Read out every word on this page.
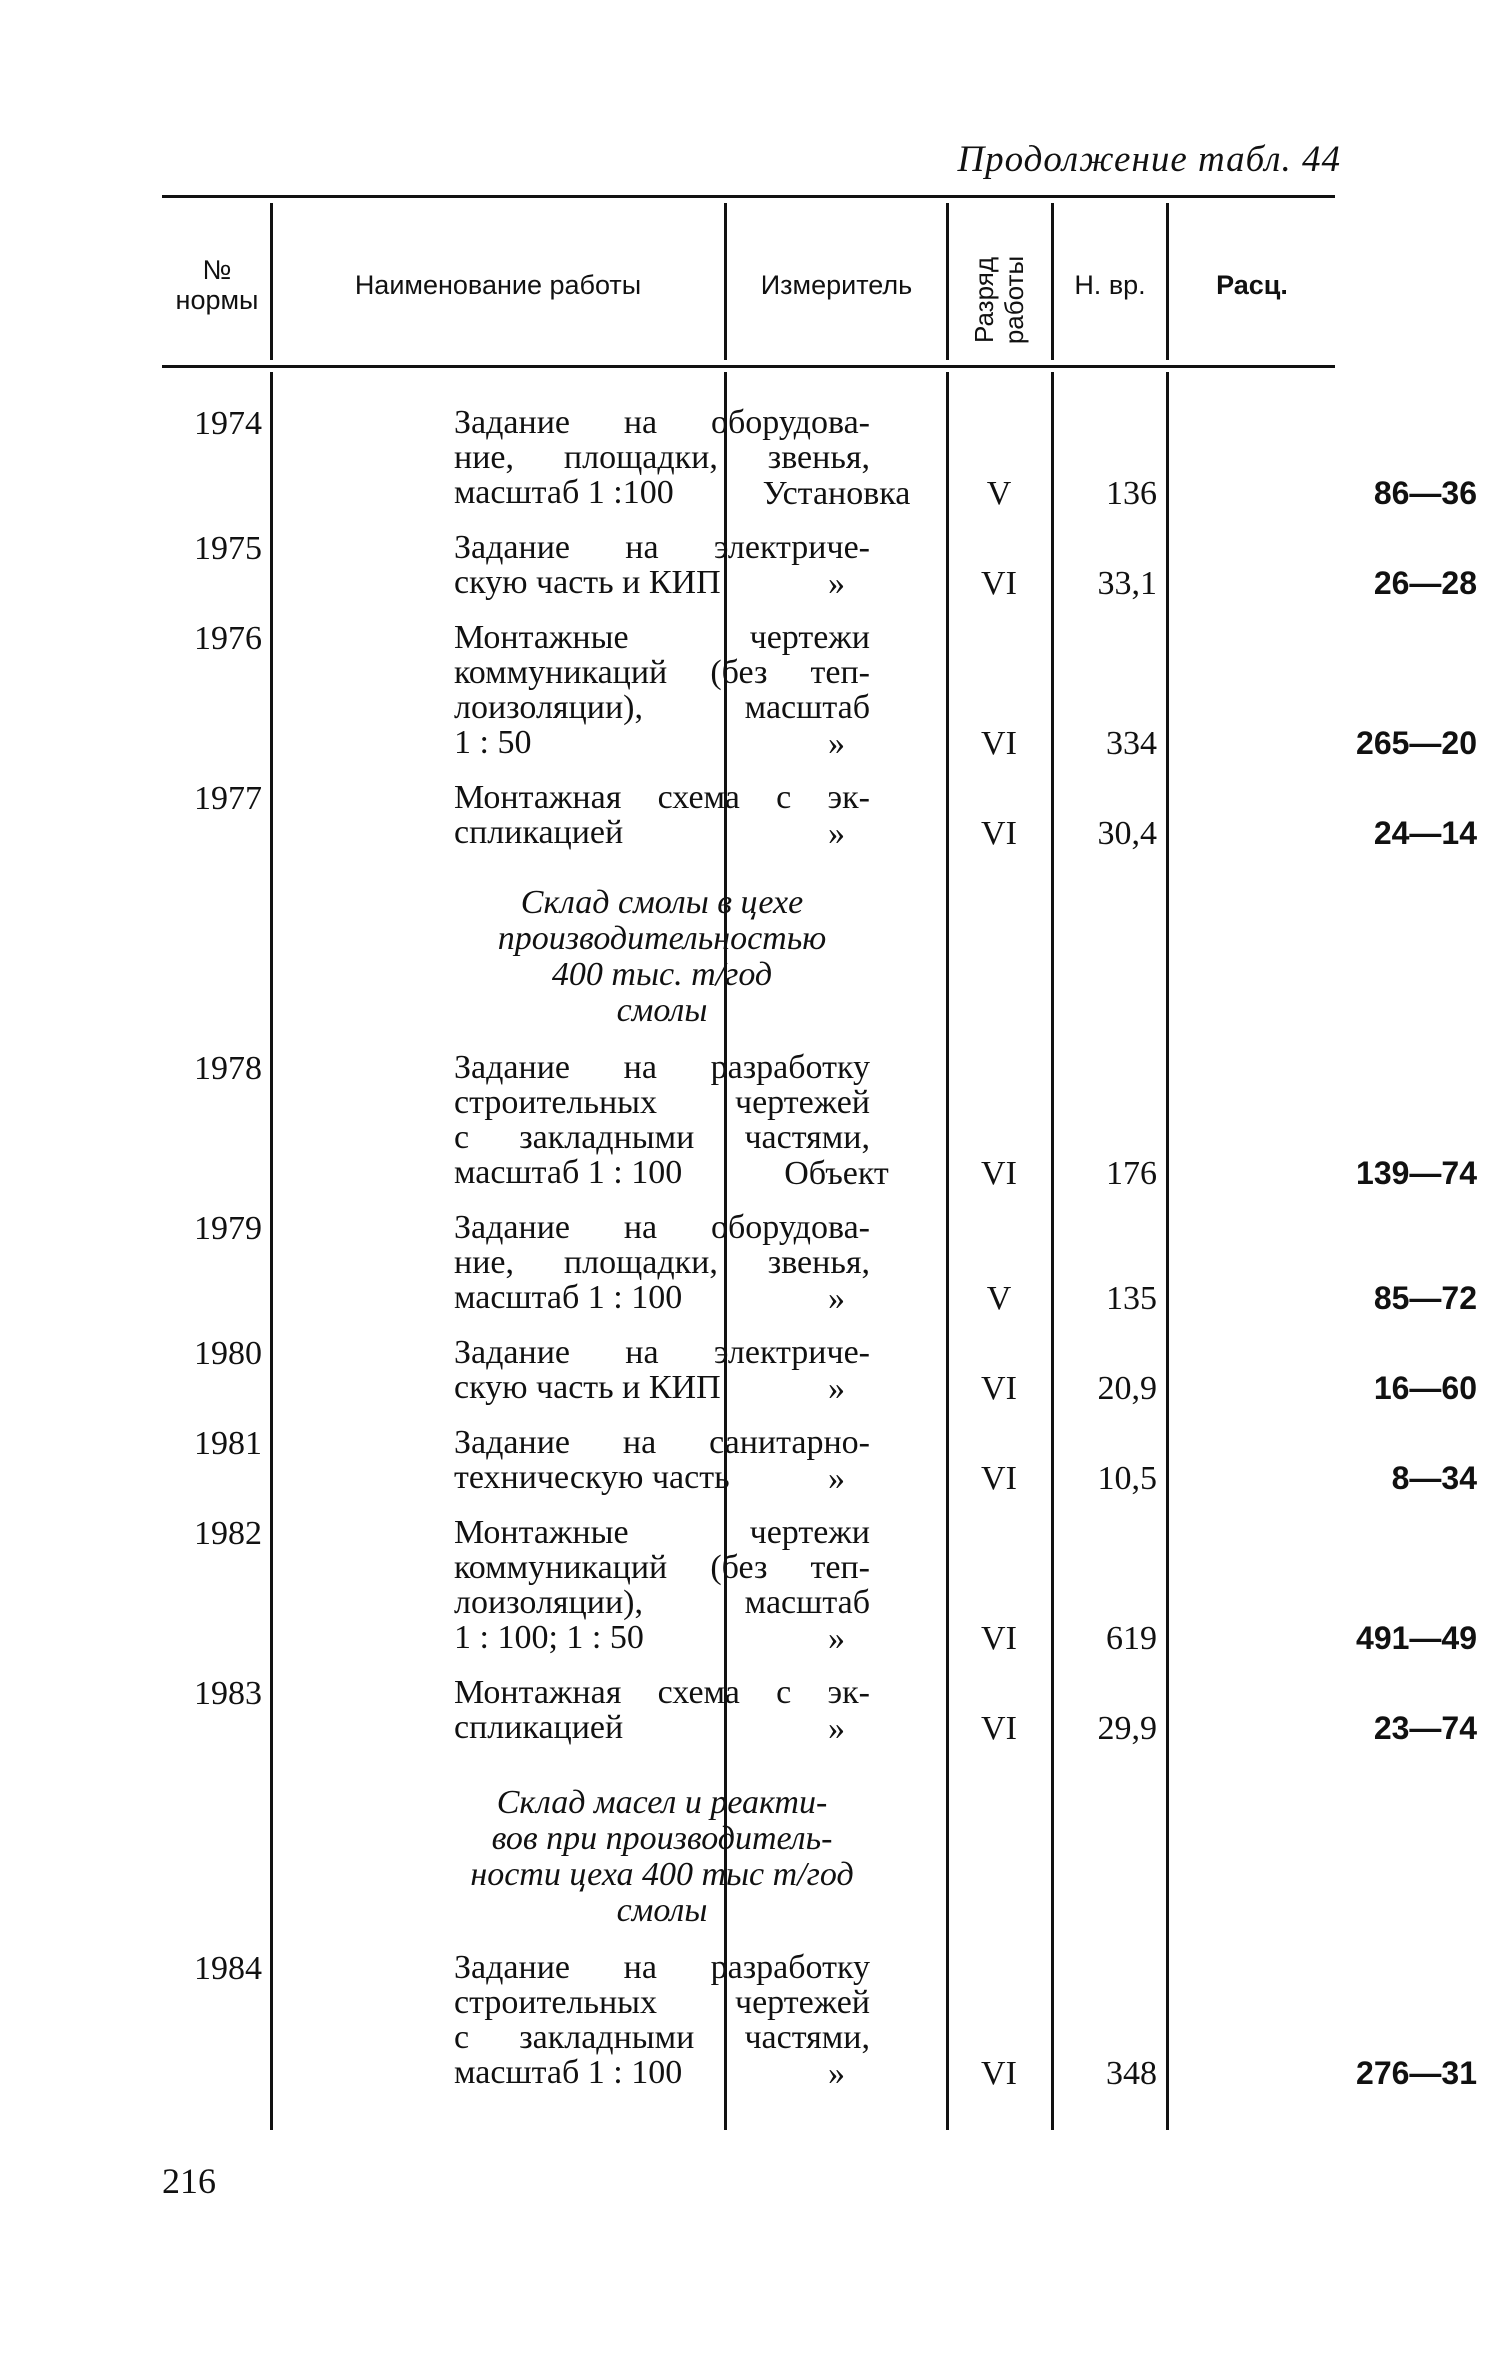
Продолжение табл. 44
№
нормы	Наименование работы	Измеритель	Разряд работы	Н. вр.	Расц.
1974	Задание на оборудова-
ние, площадки, звенья,
масштаб 1 :100	Установка	V	136	86—36
1975	Задание на электриче-
скую часть и КИП	»	VI	33,1	26—28
1976	Монтажные чертежи
коммуникаций (без теп-
лоизоляции), масштаб
1 : 50	»	VI	334	265—20
1977	Монтажная схема с эк-
спликацией	»	VI	30,4	24—14
Склад смолы в цехе
производительностью
400 тыс. т/год
смолы
1978	Задание на разработку
строительных чертежей
с закладными частями,
масштаб 1 : 100	Объект	VI	176	139—74
1979	Задание на оборудова-
ние, площадки, звенья,
масштаб 1 : 100	»	V	135	85—72
1980	Задание на электриче-
скую часть и КИП	»	VI	20,9	16—60
1981	Задание на санитарно-
техническую часть	»	VI	10,5	8—34
1982	Монтажные чертежи
коммуникаций (без теп-
лоизоляции), масштаб
1 : 100; 1 : 50	»	VI	619	491—49
1983	Монтажная схема с эк-
спликацией	»	VI	29,9	23—74
Склад масел и реакти-
вов при производитель-
ности цеха 400 тыс т/год
смолы
1984	Задание на разработку
строительных чертежей
с закладными частями,
масштаб 1 : 100	»	VI	348	276—31
216
